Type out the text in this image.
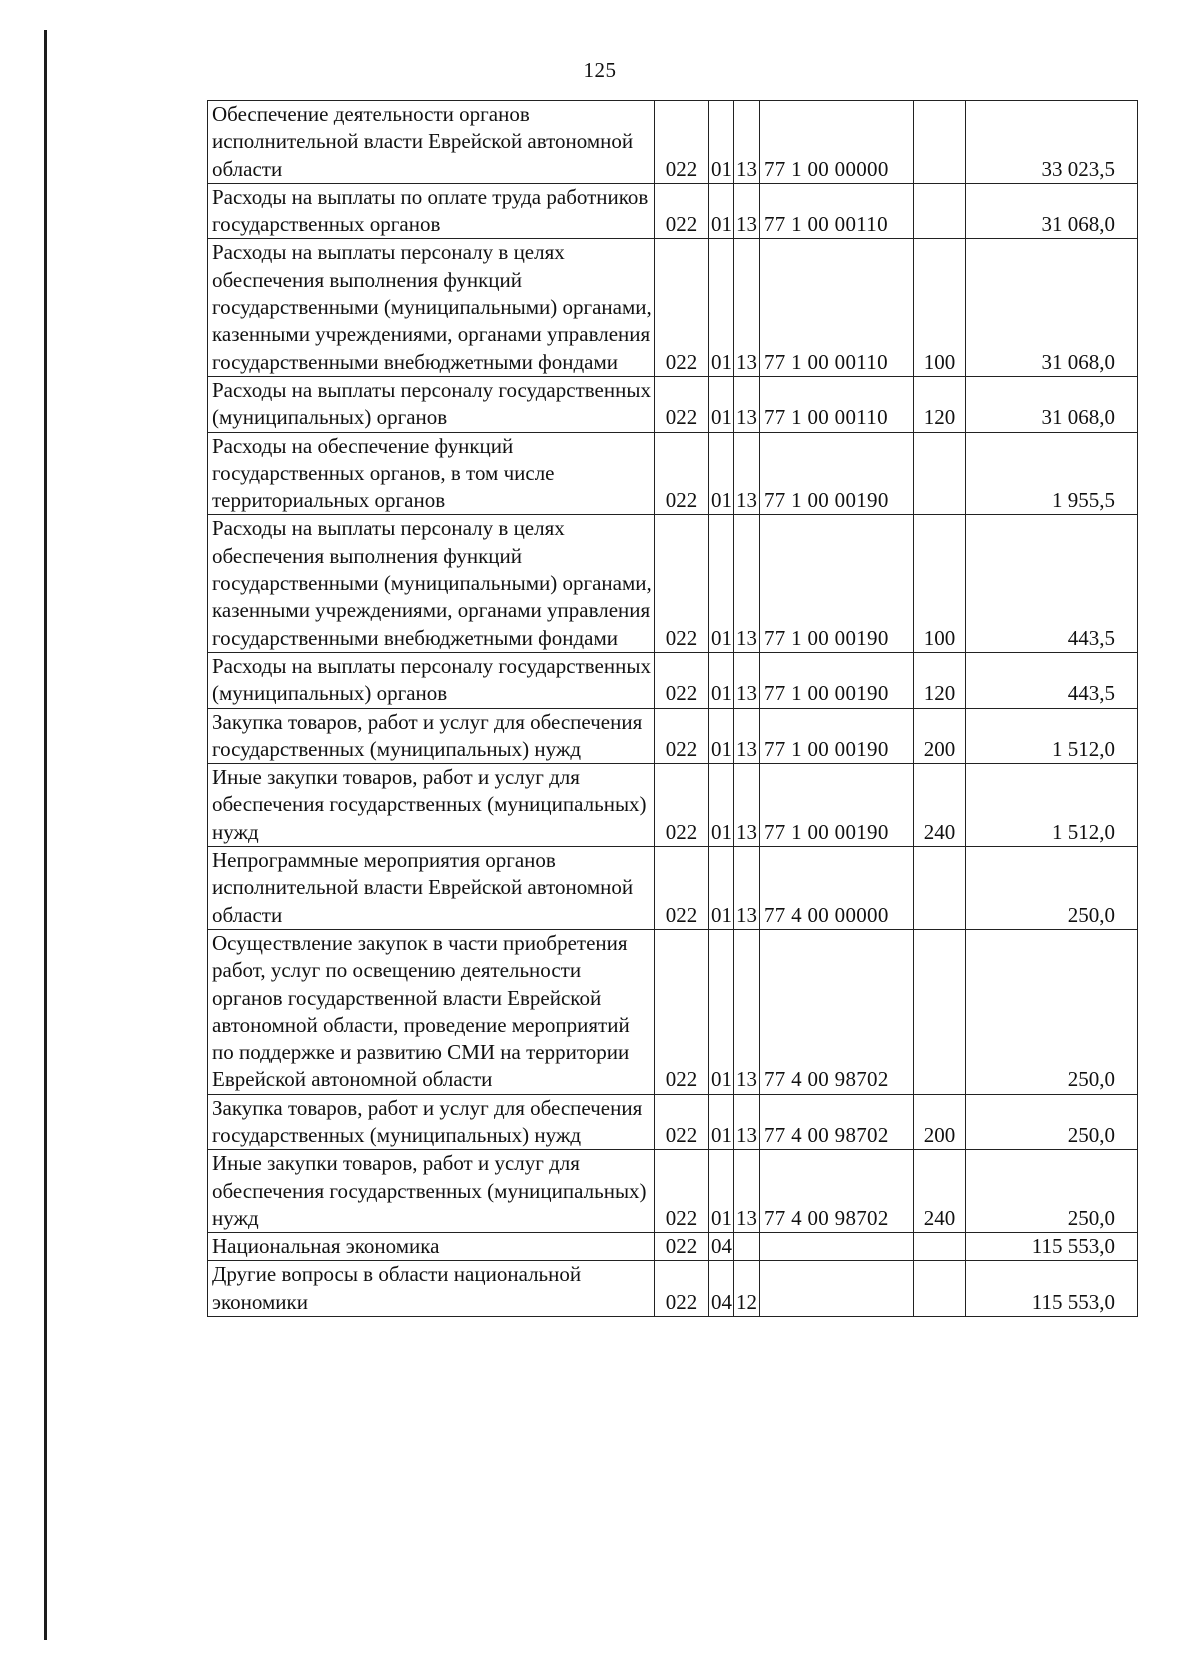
125
Обеспечение деятельности органов исполнительной власти Еврейской автономной области	022	01	13	77 1 00 00000		33 023,5
Расходы на выплаты по оплате труда работников государственных органов	022	01	13	77 1 00 00110		31 068,0
Расходы на выплаты персоналу в целях обеспечения выполнения функций государственными (муниципальными) органами, казенными учреждениями, органами управления государственными внебюджетными фондами	022	01	13	77 1 00 00110	100	31 068,0
Расходы на выплаты персоналу государственных (муниципальных) органов	022	01	13	77 1 00 00110	120	31 068,0
Расходы на обеспечение функций государственных органов, в том числе территориальных органов	022	01	13	77 1 00 00190		1 955,5
Расходы на выплаты персоналу в целях обеспечения выполнения функций государственными (муниципальными) органами, казенными учреждениями, органами управления государственными внебюджетными фондами	022	01	13	77 1 00 00190	100	443,5
Расходы на выплаты персоналу государственных (муниципальных) органов	022	01	13	77 1 00 00190	120	443,5
Закупка товаров, работ и услуг для обеспечения государственных (муниципальных) нужд	022	01	13	77 1 00 00190	200	1 512,0
Иные закупки товаров, работ и услуг для обеспечения государственных (муниципальных) нужд	022	01	13	77 1 00 00190	240	1 512,0
Непрограммные мероприятия органов исполнительной власти Еврейской автономной области	022	01	13	77 4 00 00000		250,0
Осуществление закупок в части приобретения работ, услуг по освещению деятельности органов государственной власти Еврейской автономной области, проведение мероприятий по поддержке и развитию СМИ на территории Еврейской автономной области	022	01	13	77 4 00 98702		250,0
Закупка товаров, работ и услуг для обеспечения государственных (муниципальных) нужд	022	01	13	77 4 00 98702	200	250,0
Иные закупки товаров, работ и услуг для обеспечения государственных (муниципальных) нужд	022	01	13	77 4 00 98702	240	250,0
Национальная экономика	022	04				115 553,0
Другие вопросы в области национальной экономики	022	04	12			115 553,0
